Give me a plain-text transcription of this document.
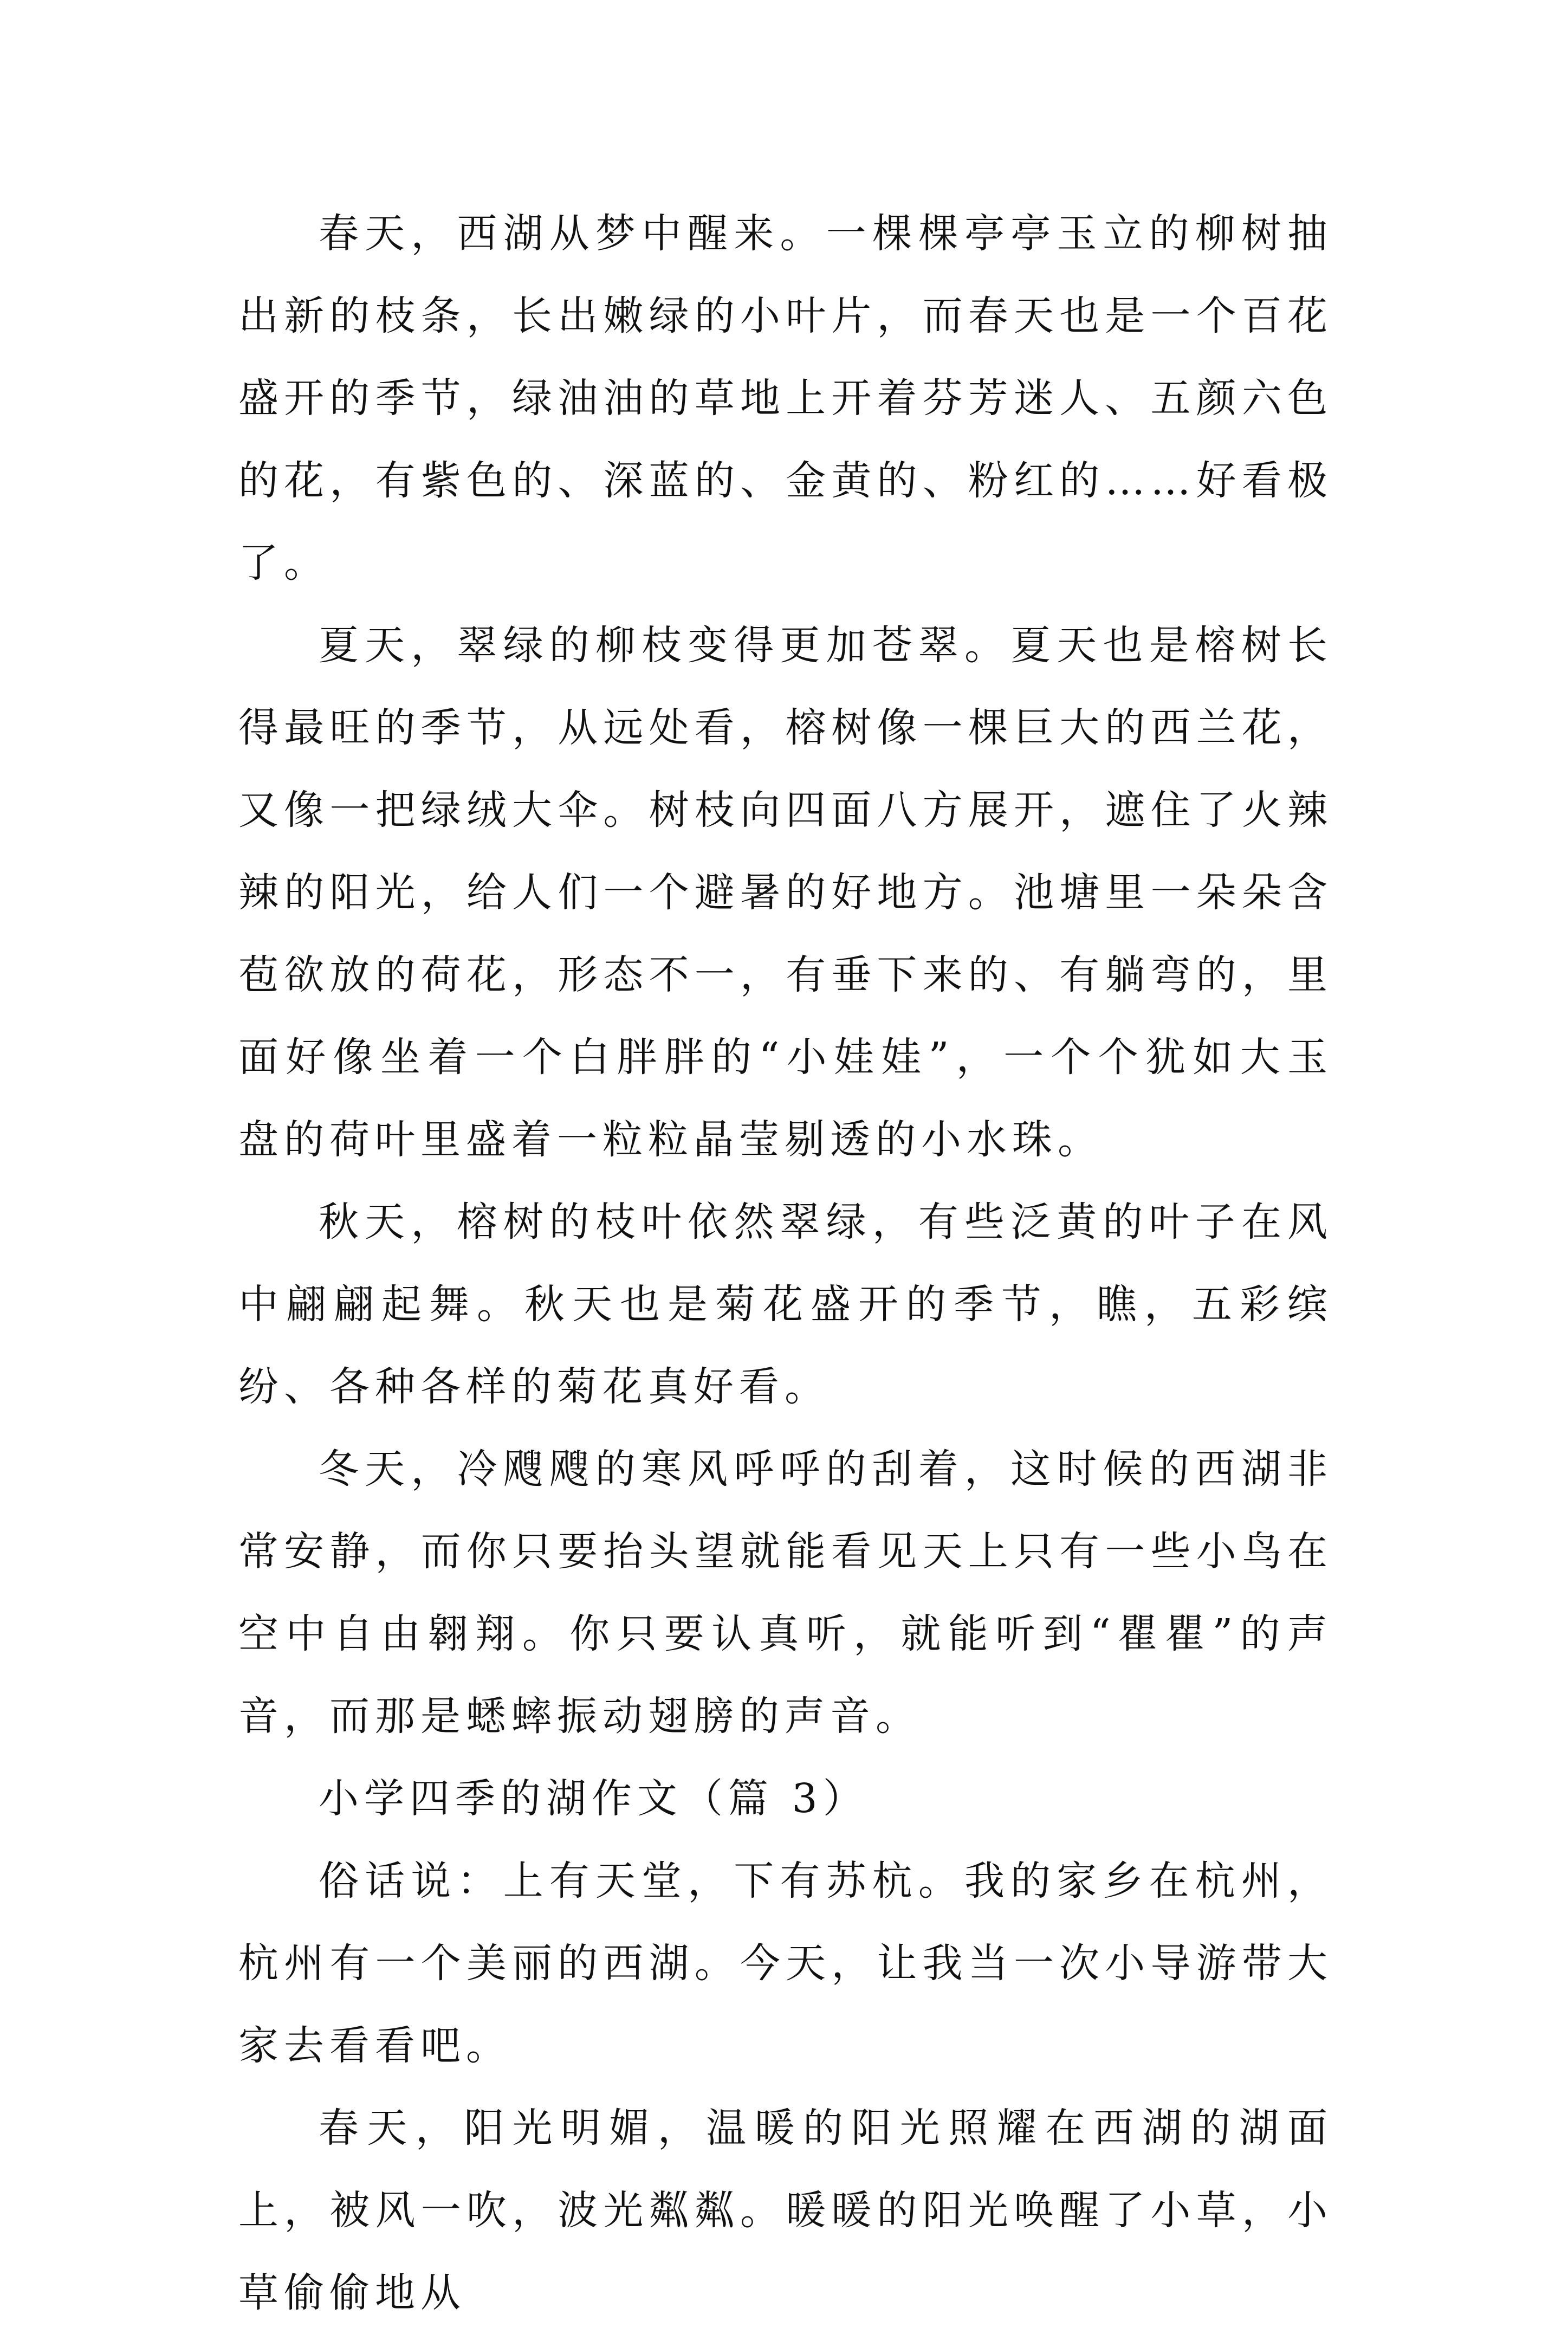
春天，西湖从梦中醒来。一棵棵亭亭玉立的柳树抽出新的枝条，长出嫩绿的小叶片，而春天也是一个百花盛开的季节，绿油油的草地上开着芬芳迷人、五颜六色的花，有紫色的、深蓝的、金黄的、粉红的……好看极了。

夏天，翠绿的柳枝变得更加苍翠。夏天也是榕树长得最旺的季节，从远处看，榕树像一棵巨大的西兰花，又像一把绿绒大伞。树枝向四面八方展开，遮住了火辣辣的阳光，给人们一个避暑的好地方。池塘里一朵朵含苞欲放的荷花，形态不一，有垂下来的、有躺弯的，里面好像坐着一个白胖胖的“小娃娃”，一个个犹如大玉盘的荷叶里盛着一粒粒晶莹剔透的小水珠。

秋天，榕树的枝叶依然翠绿，有些泛黄的叶子在风中翩翩起舞。秋天也是菊花盛开的季节，瞧，五彩缤纷、各种各样的菊花真好看。

冬天，冷飕飕的寒风呼呼的刮着，这时候的西湖非常安静，而你只要抬头望就能看见天上只有一些小鸟在空中自由翱翔。你只要认真听，就能听到“瞿瞿”的声音，而那是蟋蟀振动翅膀的声音。

小学四季的湖作文（篇 3）

俗话说：上有天堂，下有苏杭。我的家乡在杭州，杭州有一个美丽的西湖。今天，让我当一次小导游带大家去看看吧。

春天，阳光明媚，温暖的阳光照耀在西湖的湖面上，被风一吹，波光粼粼。暖暖的阳光唤醒了小草，小草偷偷地从
